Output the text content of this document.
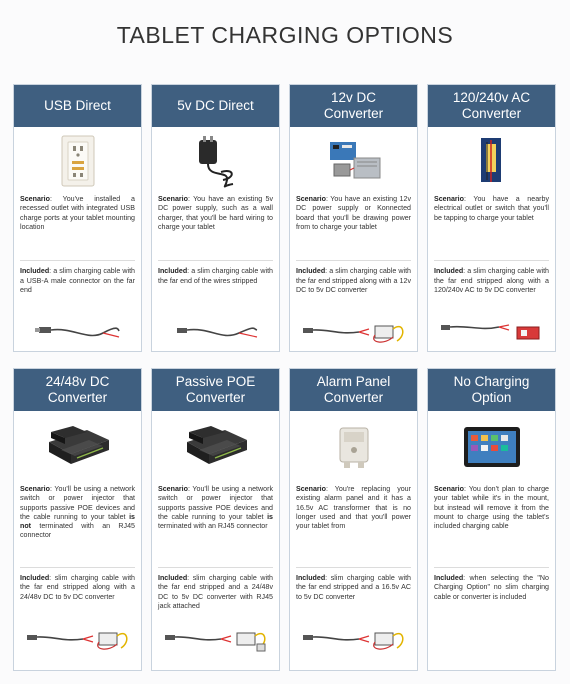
TABLET CHARGING OPTIONS
USB Direct
Scenario: You've installed a recessed outlet with integrated USB charge ports at your tablet mounting location
Included: a slim charging cable with a USB-A male connector on the far end
5v DC Direct
Scenario: You have an existing 5v DC power supply, such as a wall charger, that you'll be hard wiring to charge your tablet
Included: a slim charging cable with the far end of the wires stripped
12v DC
Converter
Scenario: You have an existing 12v DC power supply or Konnected board that you'll be drawing power from to charge your tablet
Included: a slim charging cable with the far end stripped along with a 12v DC to 5v DC converter
120/240v AC
Converter
Scenario: You have a nearby electrical outlet or switch that you'll be tapping to charge your tablet
Included: a slim charging cable with the far end stripped along with a 120/240v AC to 5v DC converter
24/48v DC
Converter
Scenario: You'll be using a network switch or power injector that supports passive POE devices and the cable running to your tablet is not terminated with an RJ45 connector
Included: slim charging cable with the far end stripped along with a 24/48v DC to 5v DC converter
Passive POE
Converter
Scenario: You'll be using a network switch or power injector that supports passive POE devices and the cable running to your tablet is terminated with an RJ45 connector
Included: slim charging cable with the far end stripped and a 24/48v DC to 5v DC converter with RJ45 jack attached
Alarm Panel
Converter
Scenario: You're replacing your existing alarm panel and it has a 16.5v AC transformer that is no longer used and that you'll power your tablet from
Included: slim charging cable with the far end stripped and a 16.5v AC to 5v DC converter
No Charging
Option
Scenario: You don't plan to charge your tablet while it's in the mount, but instead will remove it from the mount to charge using the tablet's included charging cable
Included: when selecting the "No Charging Option" no slim charging cable or converter is included
